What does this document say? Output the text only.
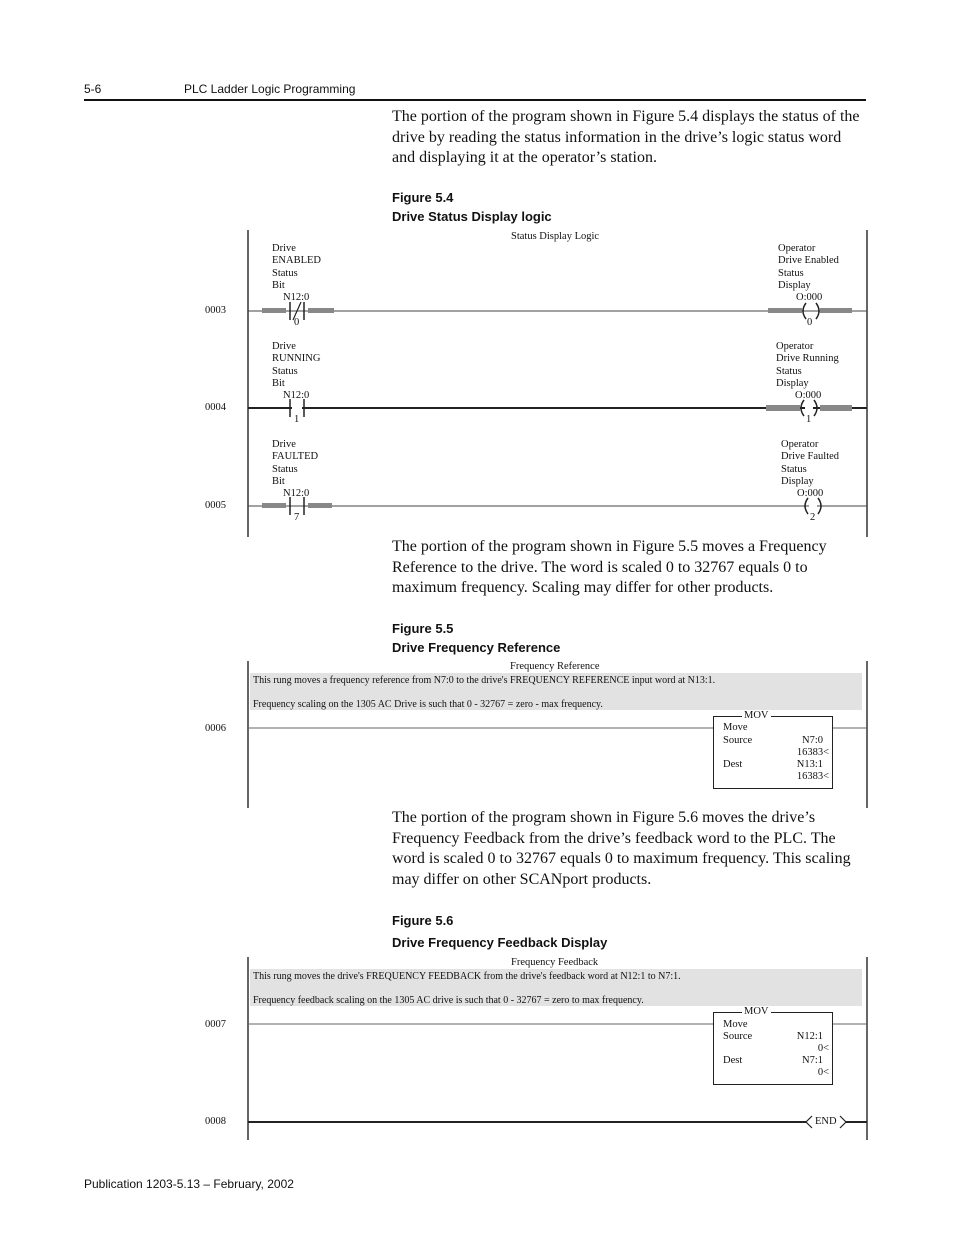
5-6	PLC Ladder Logic Programming
The portion of the program shown in Figure 5.4 displays the status of the drive by reading the status information in the drive’s logic status word and displaying it at the operator’s station.
Figure 5.4
Drive Status Display logic
Status Display Logic
0003
Drive
ENABLED
Status
Bit
N12:0
0
Operator
Drive Enabled
Status
Display
O:000
0
0004
Drive
RUNNING
Status
Bit
N12:0
1
Operator
Drive Running
Status
Display
O:000
1
0005
Drive
FAULTED
Status
Bit
N12:0
7
Operator
Drive Faulted
Status
Display
O:000
2
The portion of the program shown in Figure 5.5 moves a Frequency Reference to the drive. The word is scaled 0 to 32767 equals 0 to maximum frequency. Scaling may differ for other products.
Figure 5.5
Drive Frequency Reference
Frequency Reference
This rung moves a frequency reference from N7:0 to the drive's FREQUENCY REFERENCE input word at N13:1.
Frequency scaling on the 1305 AC Drive is such that 0 - 32767 = zero - max frequency.
0006
MOV
Move
Source	N7:0
16383<
Dest	N13:1
16383<
The portion of the program shown in Figure 5.6 moves the drive’s Frequency Feedback from the drive’s feedback word to the PLC. The word is scaled 0 to 32767 equals 0 to maximum frequency. This scaling may differ on other SCANport products.
Figure 5.6
Drive Frequency Feedback Display
Frequency Feedback
This rung moves the drive's FREQUENCY FEEDBACK from the drive's feedback word at N12:1 to N7:1.
Frequency feedback scaling on the 1305 AC drive is such that 0 - 32767 = zero to max frequency.
0007
MOV
Move
Source	N12:1
0<
Dest	N7:1
0<
0008	END
Publication 1203-5.13 – February, 2002
